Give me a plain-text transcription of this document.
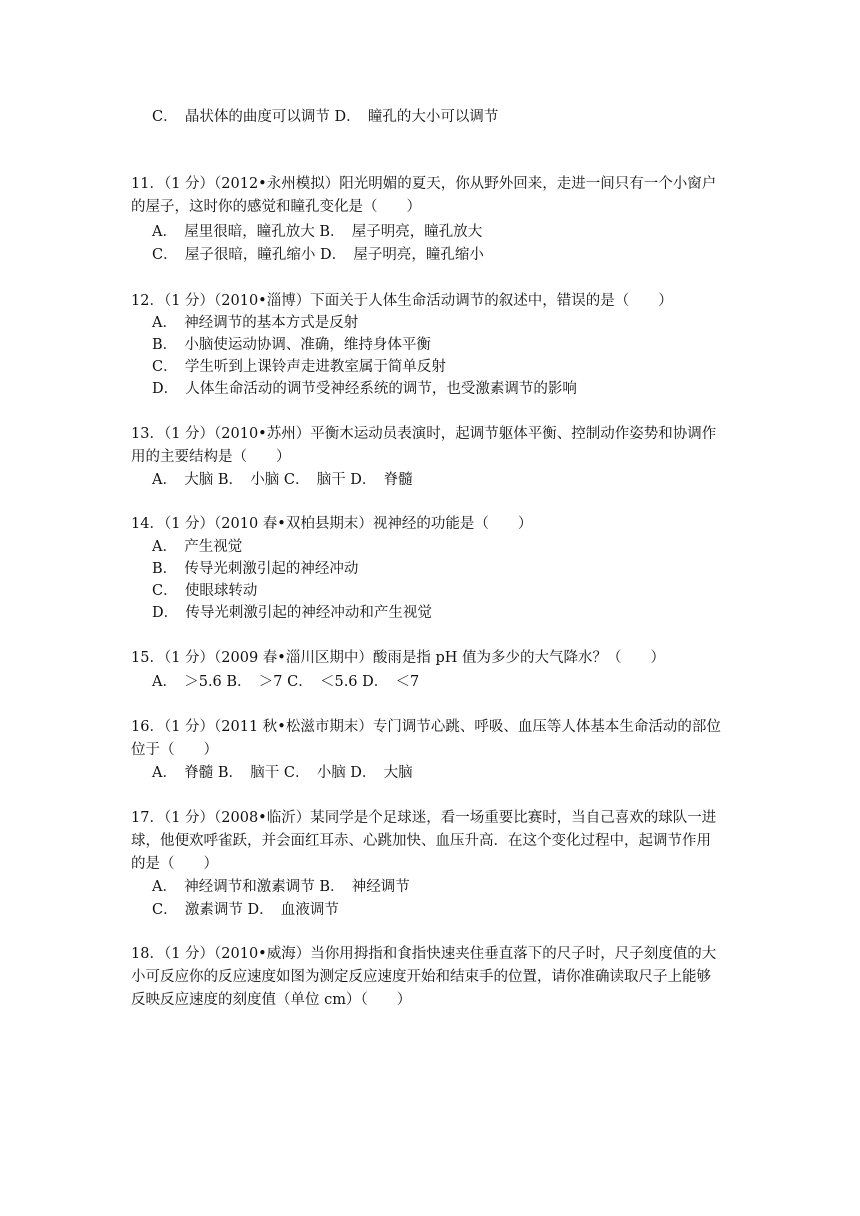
C．　晶状体的曲度可以调节 D．　瞳孔的大小可以调节
11．（1 分）（2012•永州模拟）阳光明媚的夏天，你从野外回来，走进一间只有一个小窗户
的屋子，这时你的感觉和瞳孔变化是（　　）
A．　屋里很暗，瞳孔放大 B．　屋子明亮，瞳孔放大
C．　屋子很暗，瞳孔缩小 D．　屋子明亮，瞳孔缩小
12．（1 分）（2010•淄博）下面关于人体生命活动调节的叙述中，错误的是（　　）
A．　神经调节的基本方式是反射
B．　小脑使运动协调、准确，维持身体平衡
C．　学生听到上课铃声走进教室属于简单反射
D．　人体生命活动的调节受神经系统的调节，也受激素调节的影响
13．（1 分）（2010•苏州）平衡木运动员表演时，起调节躯体平衡、控制动作姿势和协调作
用的主要结构是（　　）
A．　大脑 B．　小脑 C．　脑干 D．　脊髓
14．（1 分）（2010 春•双柏县期末）视神经的功能是（　　）
A．　产生视觉
B．　传导光刺激引起的神经冲动
C．　使眼球转动
D．　传导光刺激引起的神经冲动和产生视觉
15．（1 分）（2009 春•淄川区期中）酸雨是指 pH 值为多少的大气降水？（　　）
A．　＞5.6 B．　＞7 C．　＜5.6 D．　＜7
16．（1 分）（2011 秋•松滋市期末）专门调节心跳、呼吸、血压等人体基本生命活动的部位
位于（　　）
A．　脊髓 B．　脑干 C．　小脑 D．　大脑
17．（1 分）（2008•临沂）某同学是个足球迷，看一场重要比赛时，当自己喜欢的球队一进
球，他便欢呼雀跃，并会面红耳赤、心跳加快、血压升高．在这个变化过程中，起调节作用
的是（　　）
A．　神经调节和激素调节 B．　神经调节
C．　激素调节 D．　血液调节
18．（1 分）（2010•威海）当你用拇指和食指快速夹住垂直落下的尺子时，尺子刻度值的大
小可反应你的反应速度如图为测定反应速度开始和结束手的位置，请你准确读取尺子上能够
反映反应速度的刻度值（单位 cm）（　　）
